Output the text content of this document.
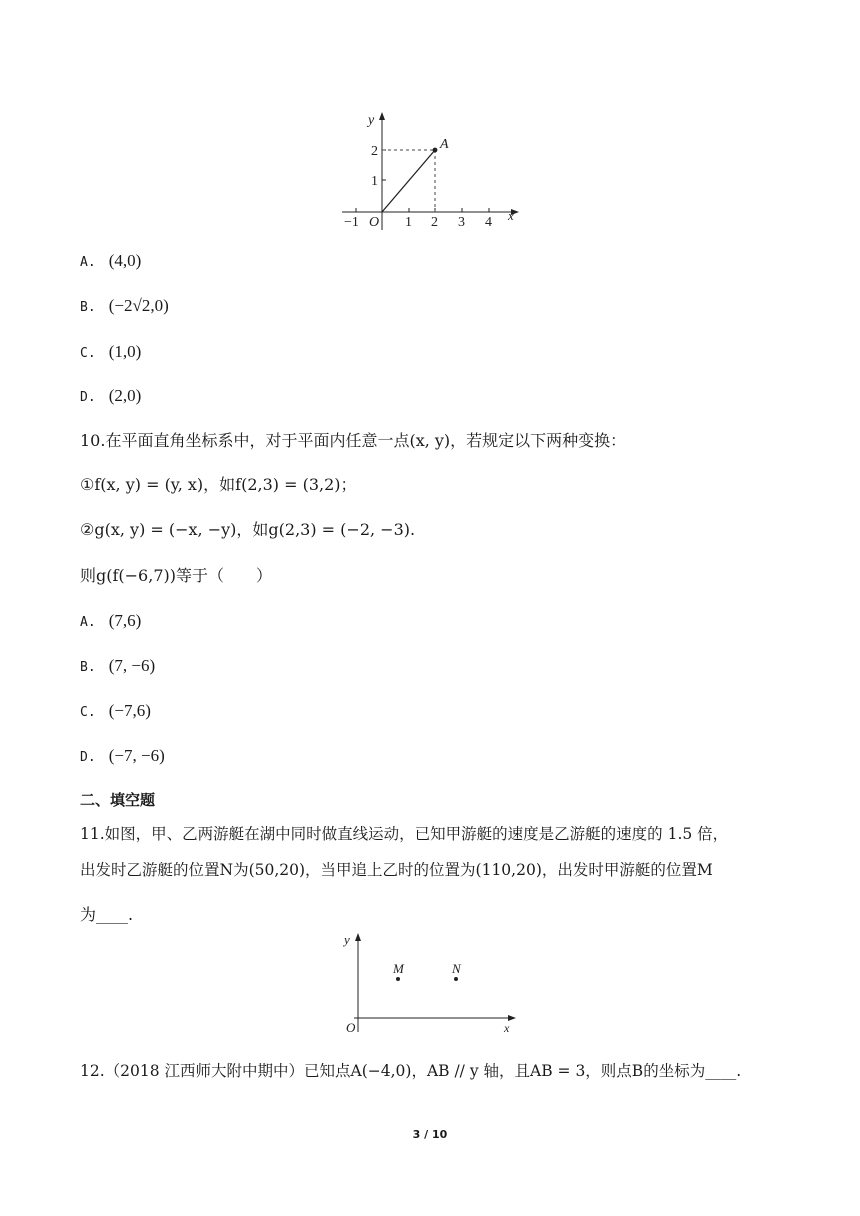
y
x
O
A
−1	1 2 3 4
1
2
A. (4,0)
B. (−2√2,0)
C. (1,0)
D. (2,0)
10.在平面直角坐标系中，对于平面内任意一点(x, y)，若规定以下两种变换：
①f(x, y) = (y, x)，如f(2,3) = (3,2)；
②g(x, y) = (−x, −y)，如g(2,3) = (−2, −3).
则g(f(−6,7))等于（　　）
A. (7,6)
B. (7, −6)
C. (−7,6)
D. (−7, −6)
二、填空题
11.如图，甲、乙两游艇在湖中同时做直线运动，已知甲游艇的速度是乙游艇的速度的 1.5 倍，
出发时乙游艇的位置N为(50,20)，当甲追上乙时的位置为(110,20)，出发时甲游艇的位置M
为____.
y
x
O
M	N
12.（2018 江西师大附中期中）已知点A(−4,0)，AB // y 轴，且AB = 3，则点B的坐标为____.
3 / 10
